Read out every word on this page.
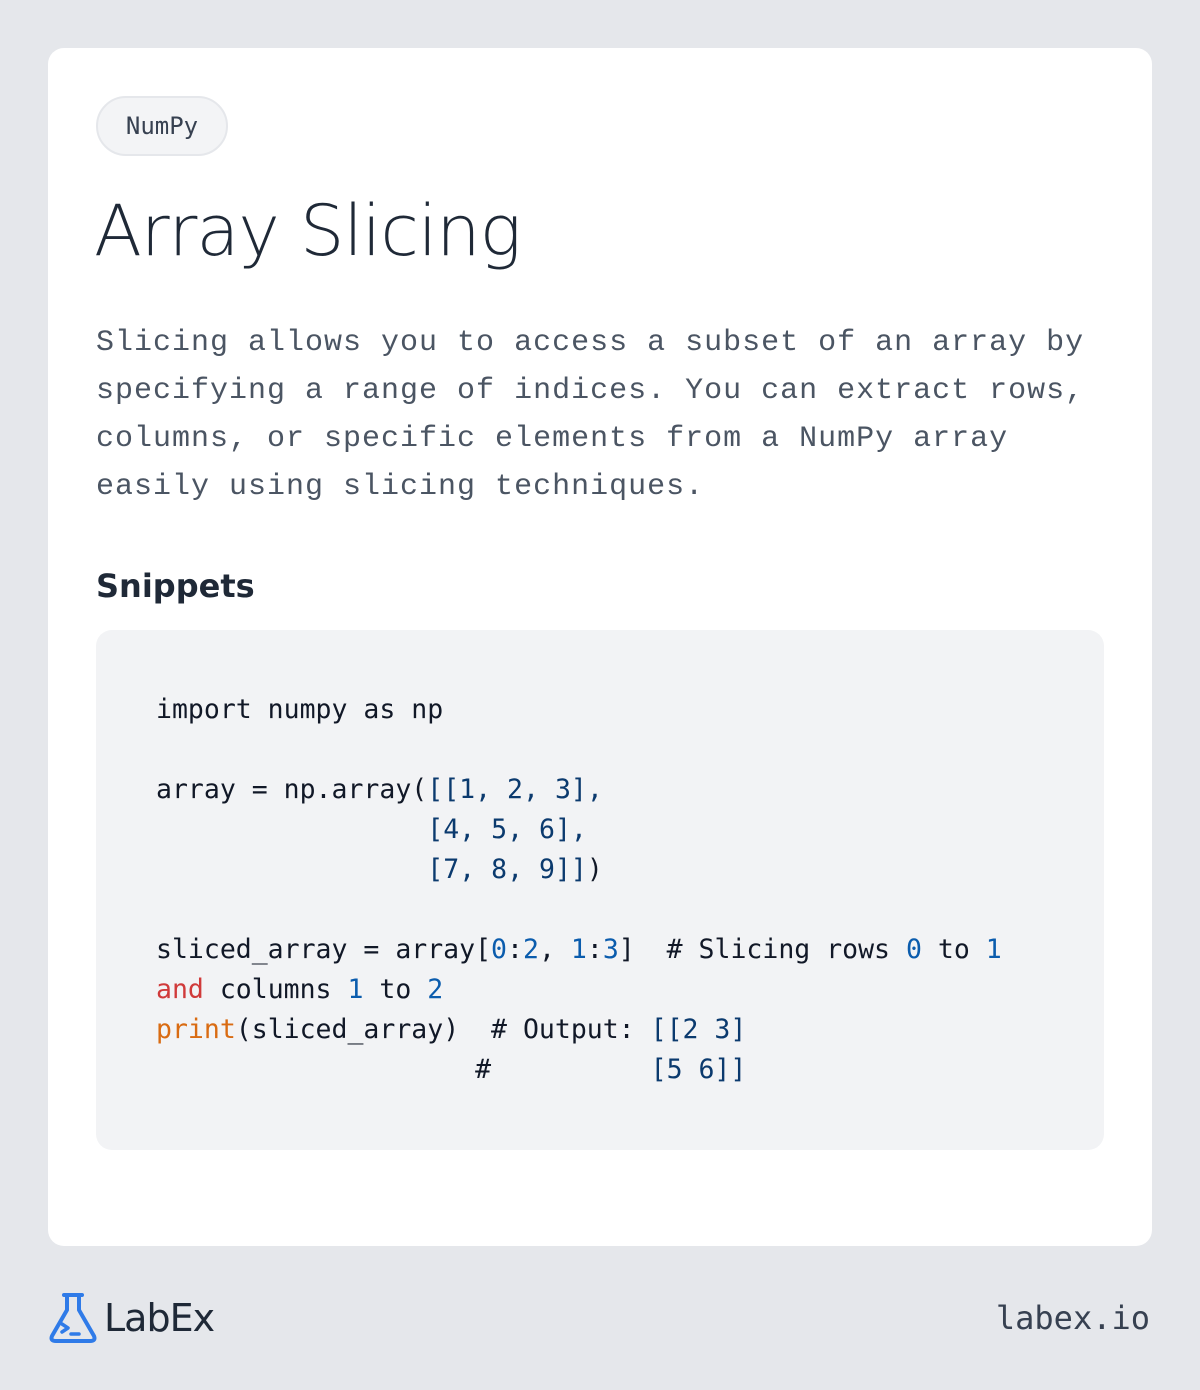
NumPy
Array Slicing

Slicing allows you to access a subset of an array by specifying a range of indices. You can extract rows, columns, or specific elements from a NumPy array easily using slicing techniques.

Snippets
import numpy as np

array = np.array([[1, 2, 3],
[4, 5, 6],
[7, 8, 9]])

sliced_array = array[0:2, 1:3]  # Slicing rows 0 to 1
and columns 1 to 2
print(sliced_array)  # Output: [[2 3]
#	[5 6]]
LabEx	labex.io
